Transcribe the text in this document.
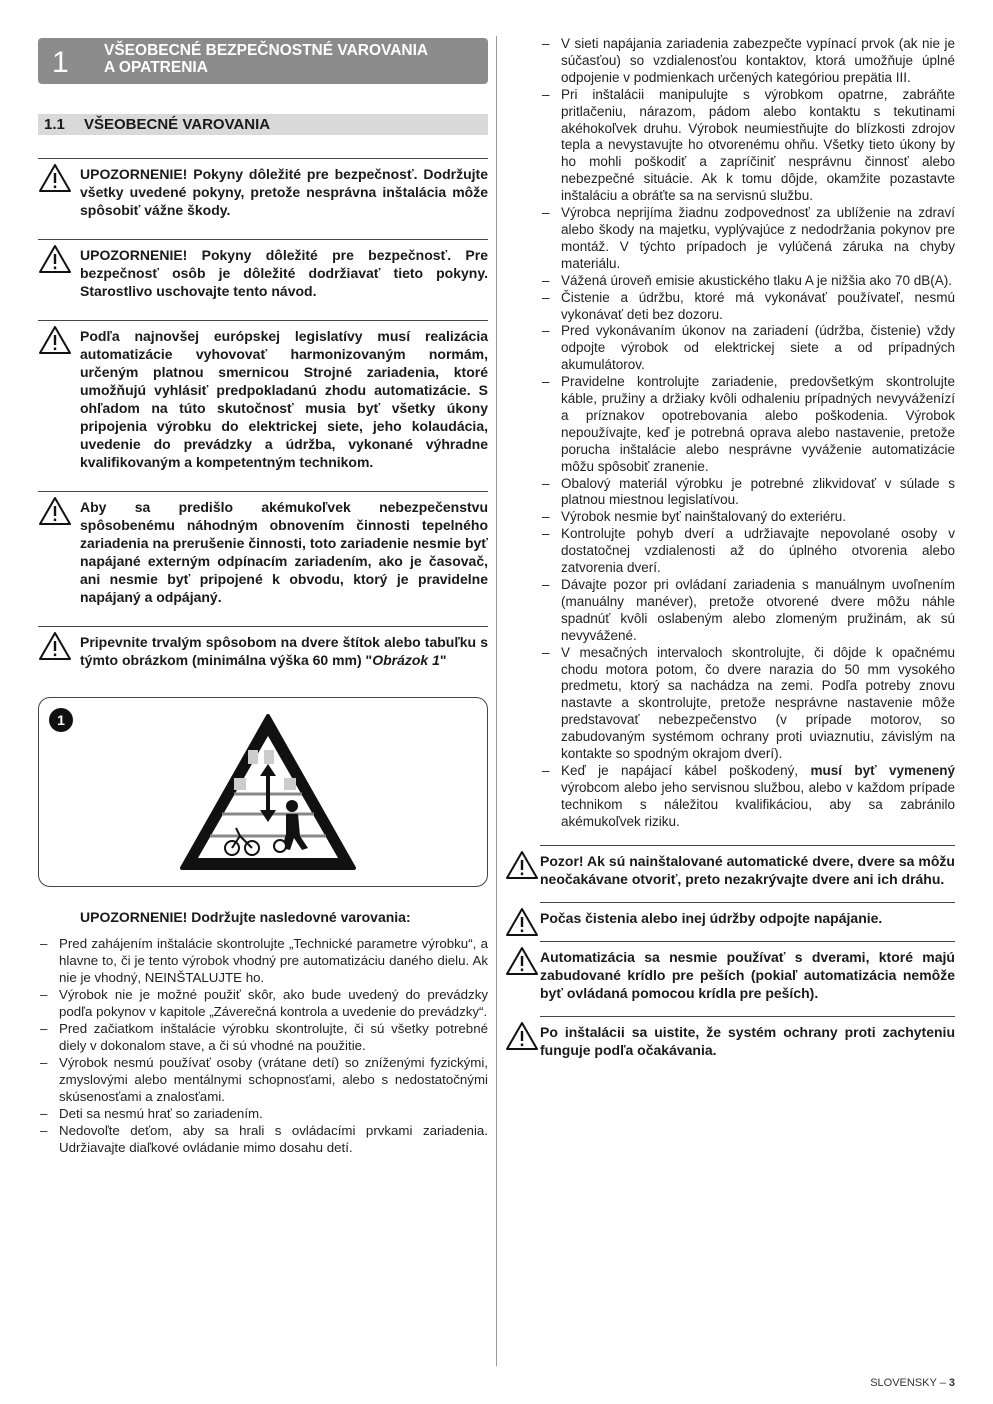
1 VŠEOBECNÉ BEZPEČNOSTNÉ VAROVANIA
A OPATRENIA
1.1 VŠEOBECNÉ VAROVANIA
UPOZORNENIE! Pokyny dôležité pre bezpečnosť. Dodržujte všetky uvedené pokyny, pretože nesprávna inštalácia môže spôsobiť vážne škody.
UPOZORNENIE! Pokyny dôležité pre bezpečnosť. Pre bezpečnosť osôb je dôležité dodržiavať tieto pokyny. Starostlivo uschovajte tento návod.
Podľa najnovšej európskej legislatívy musí realizácia automatizácie vyhovovať harmonizovaným normám, určeným platnou smernicou Strojné zariadenia, ktoré umožňujú vyhlásiť predpokladanú zhodu automatizácie. S ohľadom na túto skutočnosť musia byť všetky úkony pripojenia výrobku do elektrickej siete, jeho kolaudácia, uvedenie do prevádzky a údržba, vykonané výhradne kvalifikovaným a kompetentným technikom.
Aby sa predišlo akémukoľvek nebezpečenstvu spôsobenému náhodným obnovením činnosti tepelného zariadenia na prerušenie činnosti, toto zariadenie nesmie byť napájané externým odpínacím zariadením, ako je časovač, ani nesmie byť pripojené k obvodu, ktorý je pravidelne napájaný a odpájaný.
Pripevnite trvalým spôsobom na dvere štítok alebo tabuľku s týmto obrázkom (minimálna výška 60 mm) "Obrázok 1"
1
UPOZORNENIE! Dodržujte nasledovné varovania:
– Pred zahájením inštalácie skontrolujte „Technické parametre výrobku“, a hlavne to, či je tento výrobok vhodný pre automatizáciu daného dielu. Ak nie je vhodný, NEINŠTALUJTE ho.
– Výrobok nie je možné použiť skôr, ako bude uvedený do prevádzky podľa pokynov v kapitole „Záverečná kontrola a uvedenie do prevádzky“.
– Pred začiatkom inštalácie výrobku skontrolujte, či sú všetky potrebné diely v dokonalom stave, a či sú vhodné na použitie.
– Výrobok nesmú používať osoby (vrátane detí) so zníženými fyzickými, zmyslovými alebo mentálnymi schopnosťami, alebo s nedostatočnými skúsenosťami a znalosťami.
– Deti sa nesmú hrať so zariadením.
– Nedovoľte deťom, aby sa hrali s ovládacími prvkami zariadenia. Udržiavajte diaľkové ovládanie mimo dosahu detí.
– V sieti napájania zariadenia zabezpečte vypínací prvok (ak nie je súčasťou) so vzdialenosťou kontaktov, ktorá umožňuje úplné odpojenie v podmienkach určených kategóriou prepätia III.
– Pri inštalácii manipulujte s výrobkom opatrne, zabráňte pritlačeniu, nárazom, pádom alebo kontaktu s tekutinami akéhokoľvek druhu. Výrobok neumiestňujte do blízkosti zdrojov tepla a nevystavujte ho otvorenému ohňu. Všetky tieto úkony by ho mohli poškodiť a zapríčiniť nesprávnu činnosť alebo nebezpečné situácie. Ak k tomu dôjde, okamžite pozastavte inštaláciu a obráťte sa na servisnú službu.
– Výrobca neprijíma žiadnu zodpovednosť za ublíženie na zdraví alebo škody na majetku, vyplývajúce z nedodržania pokynov pre montáž. V týchto prípadoch je vylúčená záruka na chyby materiálu.
– Vážená úroveň emisie akustického tlaku A je nižšia ako 70 dB(A).
– Čistenie a údržbu, ktoré má vykonávať používateľ, nesmú vykonávať deti bez dozoru.
– Pred vykonávaním úkonov na zariadení (údržba, čistenie) vždy odpojte výrobok od elektrickej siete a od prípadných akumulátorov.
– Pravidelne kontrolujte zariadenie, predovšetkým skontrolujte káble, pružiny a držiaky kvôli odhaleniu prípadných nevyváženízí a príznakov opotrebovania alebo poškodenia. Výrobok nepoužívajte, keď je potrebná oprava alebo nastavenie, pretože porucha inštalácie alebo nesprávne vyváženie automatizácie môžu spôsobiť zranenie.
– Obalový materiál výrobku je potrebné zlikvidovať v súlade s platnou miestnou legislatívou.
– Výrobok nesmie byť nainštalovaný do exteriéru.
– Kontrolujte pohyb dverí a udržiavajte nepovolané osoby v dostatočnej vzdialenosti až do úplného otvorenia alebo zatvorenia dverí.
– Dávajte pozor pri ovládaní zariadenia s manuálnym uvoľnením (manuálny manéver), pretože otvorené dvere môžu náhle spadnúť kvôli oslabeným alebo zlomeným pružinám, ak sú nevyvážené.
– V mesačných intervaloch skontrolujte, či dôjde k opačnému chodu motora potom, čo dvere narazia do 50 mm vysokého predmetu, ktorý sa nachádza na zemi. Podľa potreby znovu nastavte a skontrolujte, pretože nesprávne nastavenie môže predstavovať nebezpečenstvo (v prípade motorov, so zabudovaným systémom ochrany proti uviaznutiu, závislým na kontakte so spodným okrajom dverí).
– Keď je napájací kábel poškodený, musí byť vymenený výrobcom alebo jeho servisnou službou, alebo v každom prípade technikom s náležitou kvalifikáciou, aby sa zabránilo akémukoľvek riziku.
Pozor! Ak sú nainštalované automatické dvere, dvere sa môžu neočakávane otvoriť, preto nezakrývajte dvere ani ich dráhu.
Počas čistenia alebo inej údržby odpojte napájanie.
Automatizácia sa nesmie používať s dverami, ktoré majú zabudované krídlo pre peších (pokiaľ automatizácia nemôže byť ovládaná pomocou krídla pre peších).
Po inštalácii sa uistite, že systém ochrany proti zachyteniu funguje podľa očakávania.
SLOVENSKY – 3
